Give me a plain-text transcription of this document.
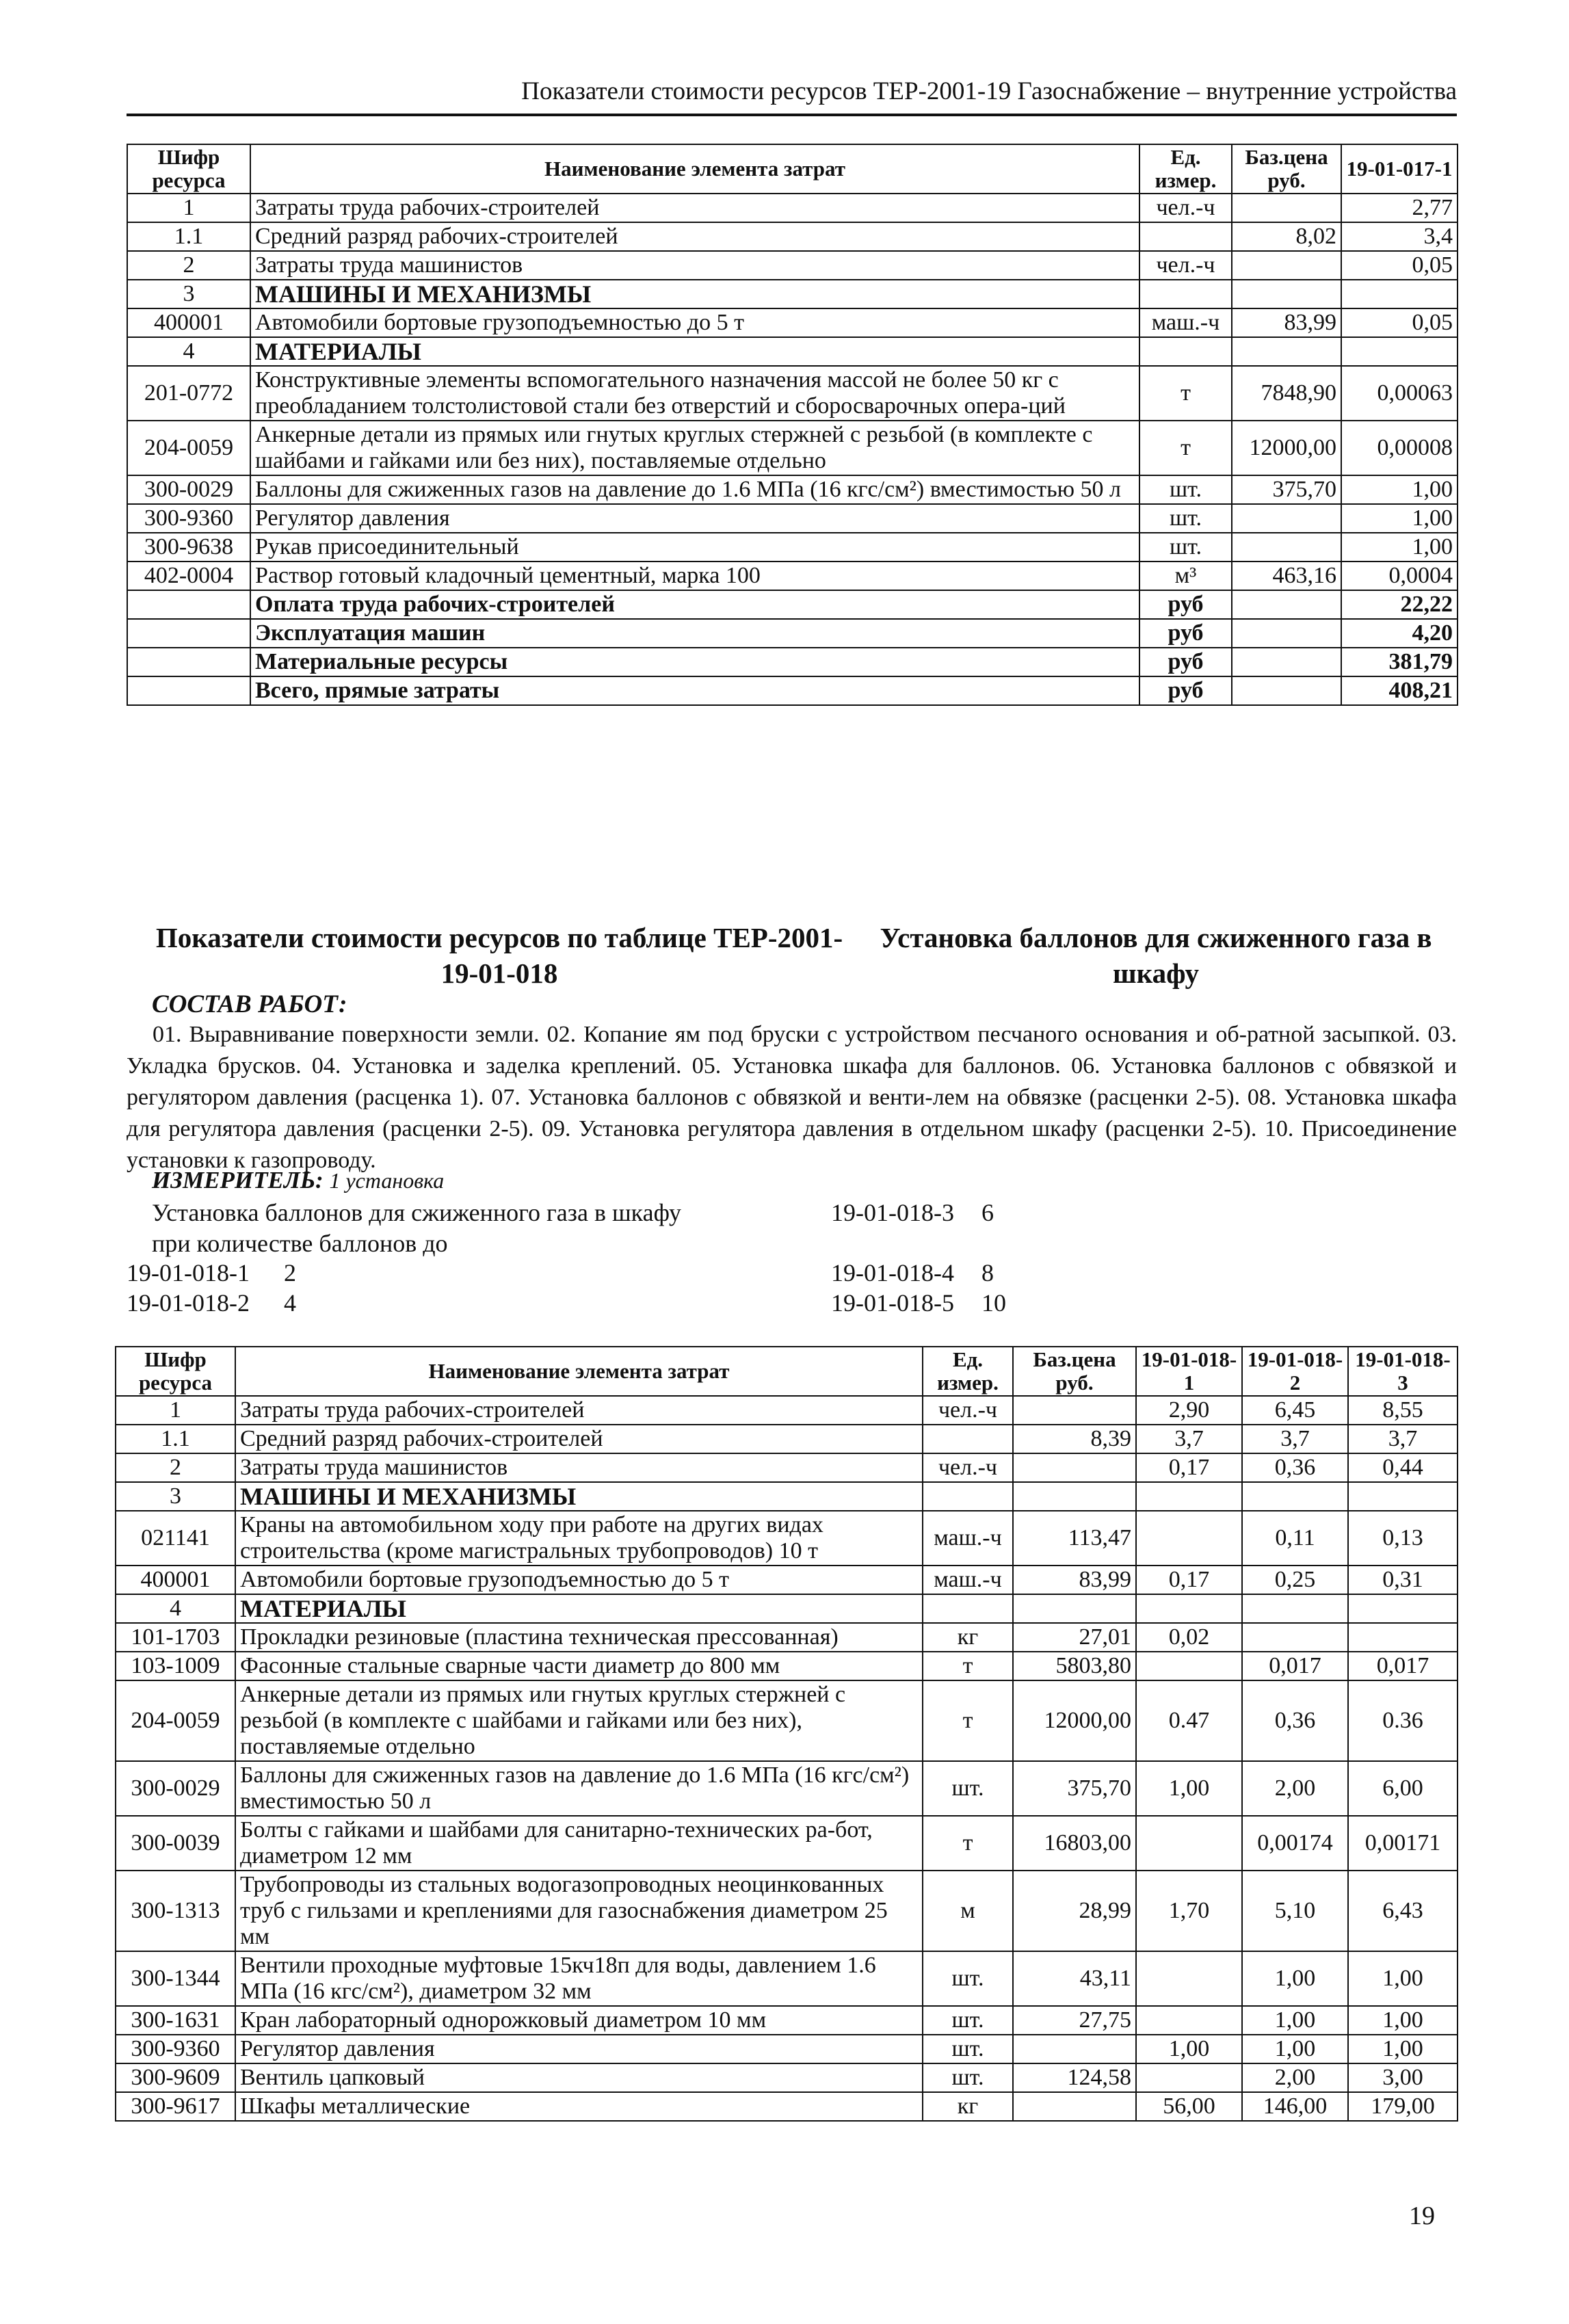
Показатели стоимости ресурсов ТЕР-2001-19 Газоснабжение – внутренние устройства
Шифр ресурса	Наименование элемента затрат	Ед. измер.	Баз.цена руб.	19-01-017-1
1	Затраты труда рабочих-строителей	чел.-ч		2,77
1.1	Средний разряд рабочих-строителей		8,02	3,4
2	Затраты труда машинистов	чел.-ч		0,05
3	МАШИНЫ И МЕХАНИЗМЫ			
400001	Автомобили бортовые грузоподъемностью до 5 т	маш.-ч	83,99	0,05
4	МАТЕРИАЛЫ			
201-0772	Конструктивные элементы вспомогательного назначения массой не более 50 кг с преобладанием толстолистовой стали без отверстий и сборосварочных опера-ций	т	7848,90	0,00063
204-0059	Анкерные детали из прямых или гнутых круглых стержней с резьбой (в комплекте с шайбами и гайками или без них), поставляемые отдельно	т	12000,00	0,00008
300-0029	Баллоны для сжиженных газов на давление до 1.6 МПа (16 кгс/см²) вместимостью 50 л	шт.	375,70	1,00
300-9360	Регулятор давления	шт.		1,00
300-9638	Рукав присоединительный	шт.		1,00
402-0004	Раствор готовый кладочный цементный, марка 100	м³	463,16	0,0004
	Оплата труда рабочих-строителей	руб		22,22
	Эксплуатация машин	руб		4,20
	Материальные ресурсы	руб		381,79
	Всего, прямые затраты	руб		408,21
Показатели стоимости ресурсов по таблице ТЕР-2001-19-01-018
Установка баллонов для сжиженного газа в шкафу
СОСТАВ РАБОТ:
01. Выравнивание поверхности земли. 02. Копание ям под бруски с устройством песчаного основания и об-ратной засыпкой. 03. Укладка брусков. 04. Установка и заделка креплений. 05. Установка шкафа для баллонов. 06. Установка баллонов с обвязкой и регулятором давления (расценка 1). 07. Установка баллонов с обвязкой и венти-лем на обвязке (расценки 2-5). 08. Установка шкафа для регулятора давления (расценки 2-5). 09. Установка регулятора давления в отдельном шкафу (расценки 2-5). 10. Присоединение установки к газопроводу.
ИЗМЕРИТЕЛЬ: 1 установка
Установка баллонов для сжиженного газа в шкафу
при количестве баллонов до
19-01-018-1 2
19-01-018-2 4
19-01-018-3 6
19-01-018-4 8
19-01-018-5 10
Шифр ресурса	Наименование элемента затрат	Ед. измер.	Баз.цена руб.	19-01-018-1	19-01-018-2	19-01-018-3
1	Затраты труда рабочих-строителей	чел.-ч		2,90	6,45	8,55
1.1	Средний разряд рабочих-строителей		8,39	3,7	3,7	3,7
2	Затраты труда машинистов	чел.-ч		0,17	0,36	0,44
3	МАШИНЫ И МЕХАНИЗМЫ					
021141	Краны на автомобильном ходу при работе на других видах строительства (кроме магистральных трубопроводов) 10 т	маш.-ч	113,47		0,11	0,13
400001	Автомобили бортовые грузоподъемностью до 5 т	маш.-ч	83,99	0,17	0,25	0,31
4	МАТЕРИАЛЫ					
101-1703	Прокладки резиновые (пластина техническая прессованная)	кг	27,01	0,02		
103-1009	Фасонные стальные сварные части диаметр до 800 мм	т	5803,80		0,017	0,017
204-0059	Анкерные детали из прямых или гнутых круглых стержней с резьбой (в комплекте с шайбами и гайками или без них), поставляемые отдельно	т	12000,00	0.47	0,36	0.36
300-0029	Баллоны для сжиженных газов на давление до 1.6 МПа (16 кгс/см²) вместимостью 50 л	шт.	375,70	1,00	2,00	6,00
300-0039	Болты с гайками и шайбами для санитарно-технических ра-бот, диаметром 12 мм	т	16803,00		0,00174	0,00171
300-1313	Трубопроводы из стальных водогазопроводных неоцинкованных труб с гильзами и креплениями для газоснабжения диаметром 25 мм	м	28,99	1,70	5,10	6,43
300-1344	Вентили проходные муфтовые 15кч18п для воды, давлением 1.6 МПа (16 кгс/см²), диаметром 32 мм	шт.	43,11		1,00	1,00
300-1631	Кран лабораторный однорожковый диаметром 10 мм	шт.	27,75		1,00	1,00
300-9360	Регулятор давления	шт.		1,00	1,00	1,00
300-9609	Вентиль цапковый	шт.	124,58		2,00	3,00
300-9617	Шкафы металлические	кг		56,00	146,00	179,00
19
